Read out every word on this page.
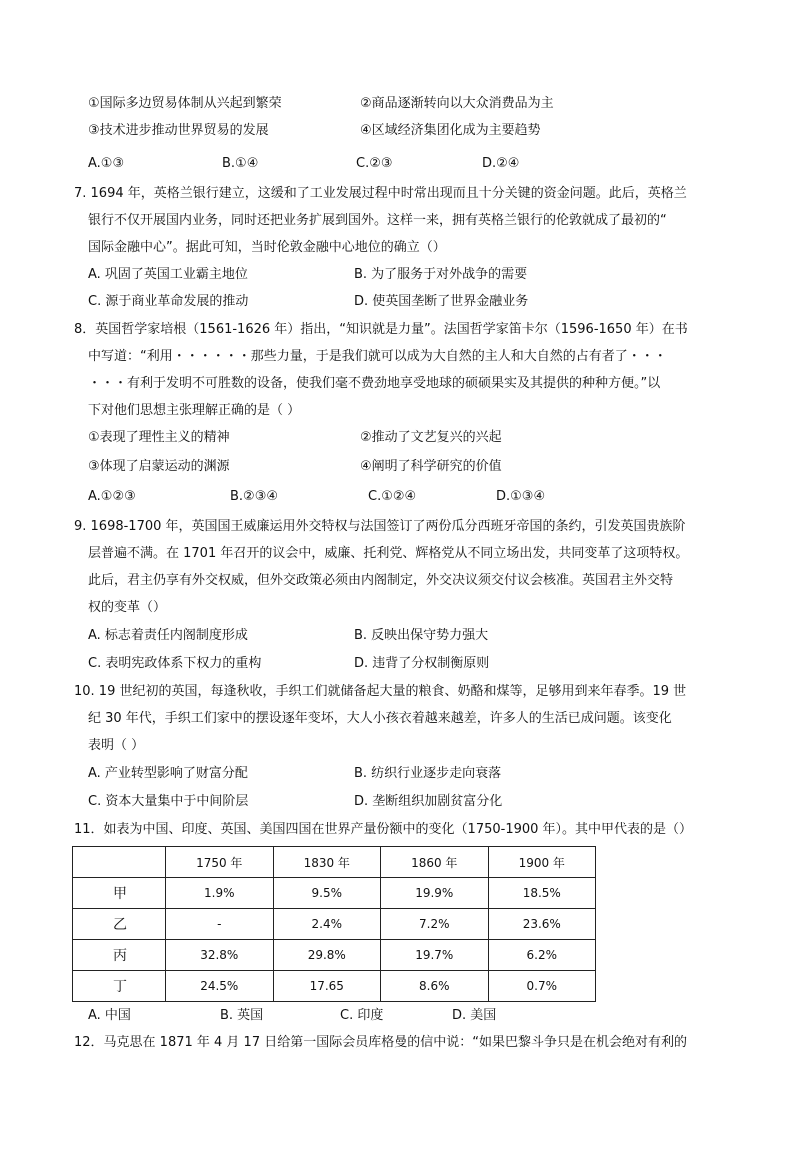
①国际多边贸易体制从兴起到繁荣	②商品逐渐转向以大众消费品为主
③技术进步推动世界贸易的发展	④区域经济集团化成为主要趋势
A.①③	B.①④	C.②③	D.②④
7. 1694 年，英格兰银行建立，这缓和了工业发展过程中时常出现而且十分关键的资金问题。此后，英格兰
银行不仅开展国内业务，同时还把业务扩展到国外。这样一来，拥有英格兰银行的伦敦就成了最初的“
国际金融中心”。据此可知，当时伦敦金融中心地位的确立（）
A. 巩固了英国工业霸主地位	B. 为了服务于对外战争的需要
C. 源于商业革命发展的推动	D. 使英国垄断了世界金融业务
8．英国哲学家培根（1561-1626 年）指出，“知识就是力量”。法国哲学家笛卡尔（1596-1650 年）在书
中写道：“利用・・・・・・那些力量，于是我们就可以成为大自然的主人和大自然的占有者了・・・
・・・有利于发明不可胜数的设备，使我们毫不费劲地享受地球的硕硕果实及其提供的种种方便。”以
下对他们思想主张理解正确的是（ ）
①表现了理性主义的精神	②推动了文艺复兴的兴起
③体现了启蒙运动的渊源	④阐明了科学研究的价值
A.①②③	B.②③④	C.①②④	D.①③④
9. 1698-1700 年，英国国王威廉运用外交特权与法国签订了两份瓜分西班牙帝国的条约，引发英国贵族阶
层普遍不满。在 1701 年召开的议会中，威廉、托利党、辉格党从不同立场出发，共同变革了这项特权。
此后，君主仍享有外交权威，但外交政策必须由内阁制定，外交决议须交付议会核准。英国君主外交特
权的变革（）
A. 标志着责任内阁制度形成	B. 反映出保守势力强大
C. 表明宪政体系下权力的重构	D. 违背了分权制衡原则
10. 19 世纪初的英国，每逢秋收，手织工们就储备起大量的粮食、奶酪和煤等，足够用到来年春季。19 世
纪 30 年代，手织工们家中的摆设逐年变坏，大人小孩衣着越来越差，许多人的生活已成问题。该变化
表明（ ）
A. 产业转型影响了财富分配	B. 纺织行业逐步走向衰落
C. 资本大量集中于中间阶层	D. 垄断组织加剧贫富分化
11．如表为中国、印度、英国、美国四国在世界产量份额中的变化（1750-1900 年）。其中甲代表的是（）
	1750 年	1830 年	1860 年	1900 年
甲	1.9%	9.5%	19.9%	18.5%
乙	-	2.4%	7.2%	23.6%
丙	32.8%	29.8%	19.7%	6.2%
丁	24.5%	17.65	8.6%	0.7%
A. 中国	B. 英国	C. 印度	D. 美国
12．马克思在 1871 年 4 月 17 日给第一国际会员库格曼的信中说：“如果巴黎斗争只是在机会绝对有利的
